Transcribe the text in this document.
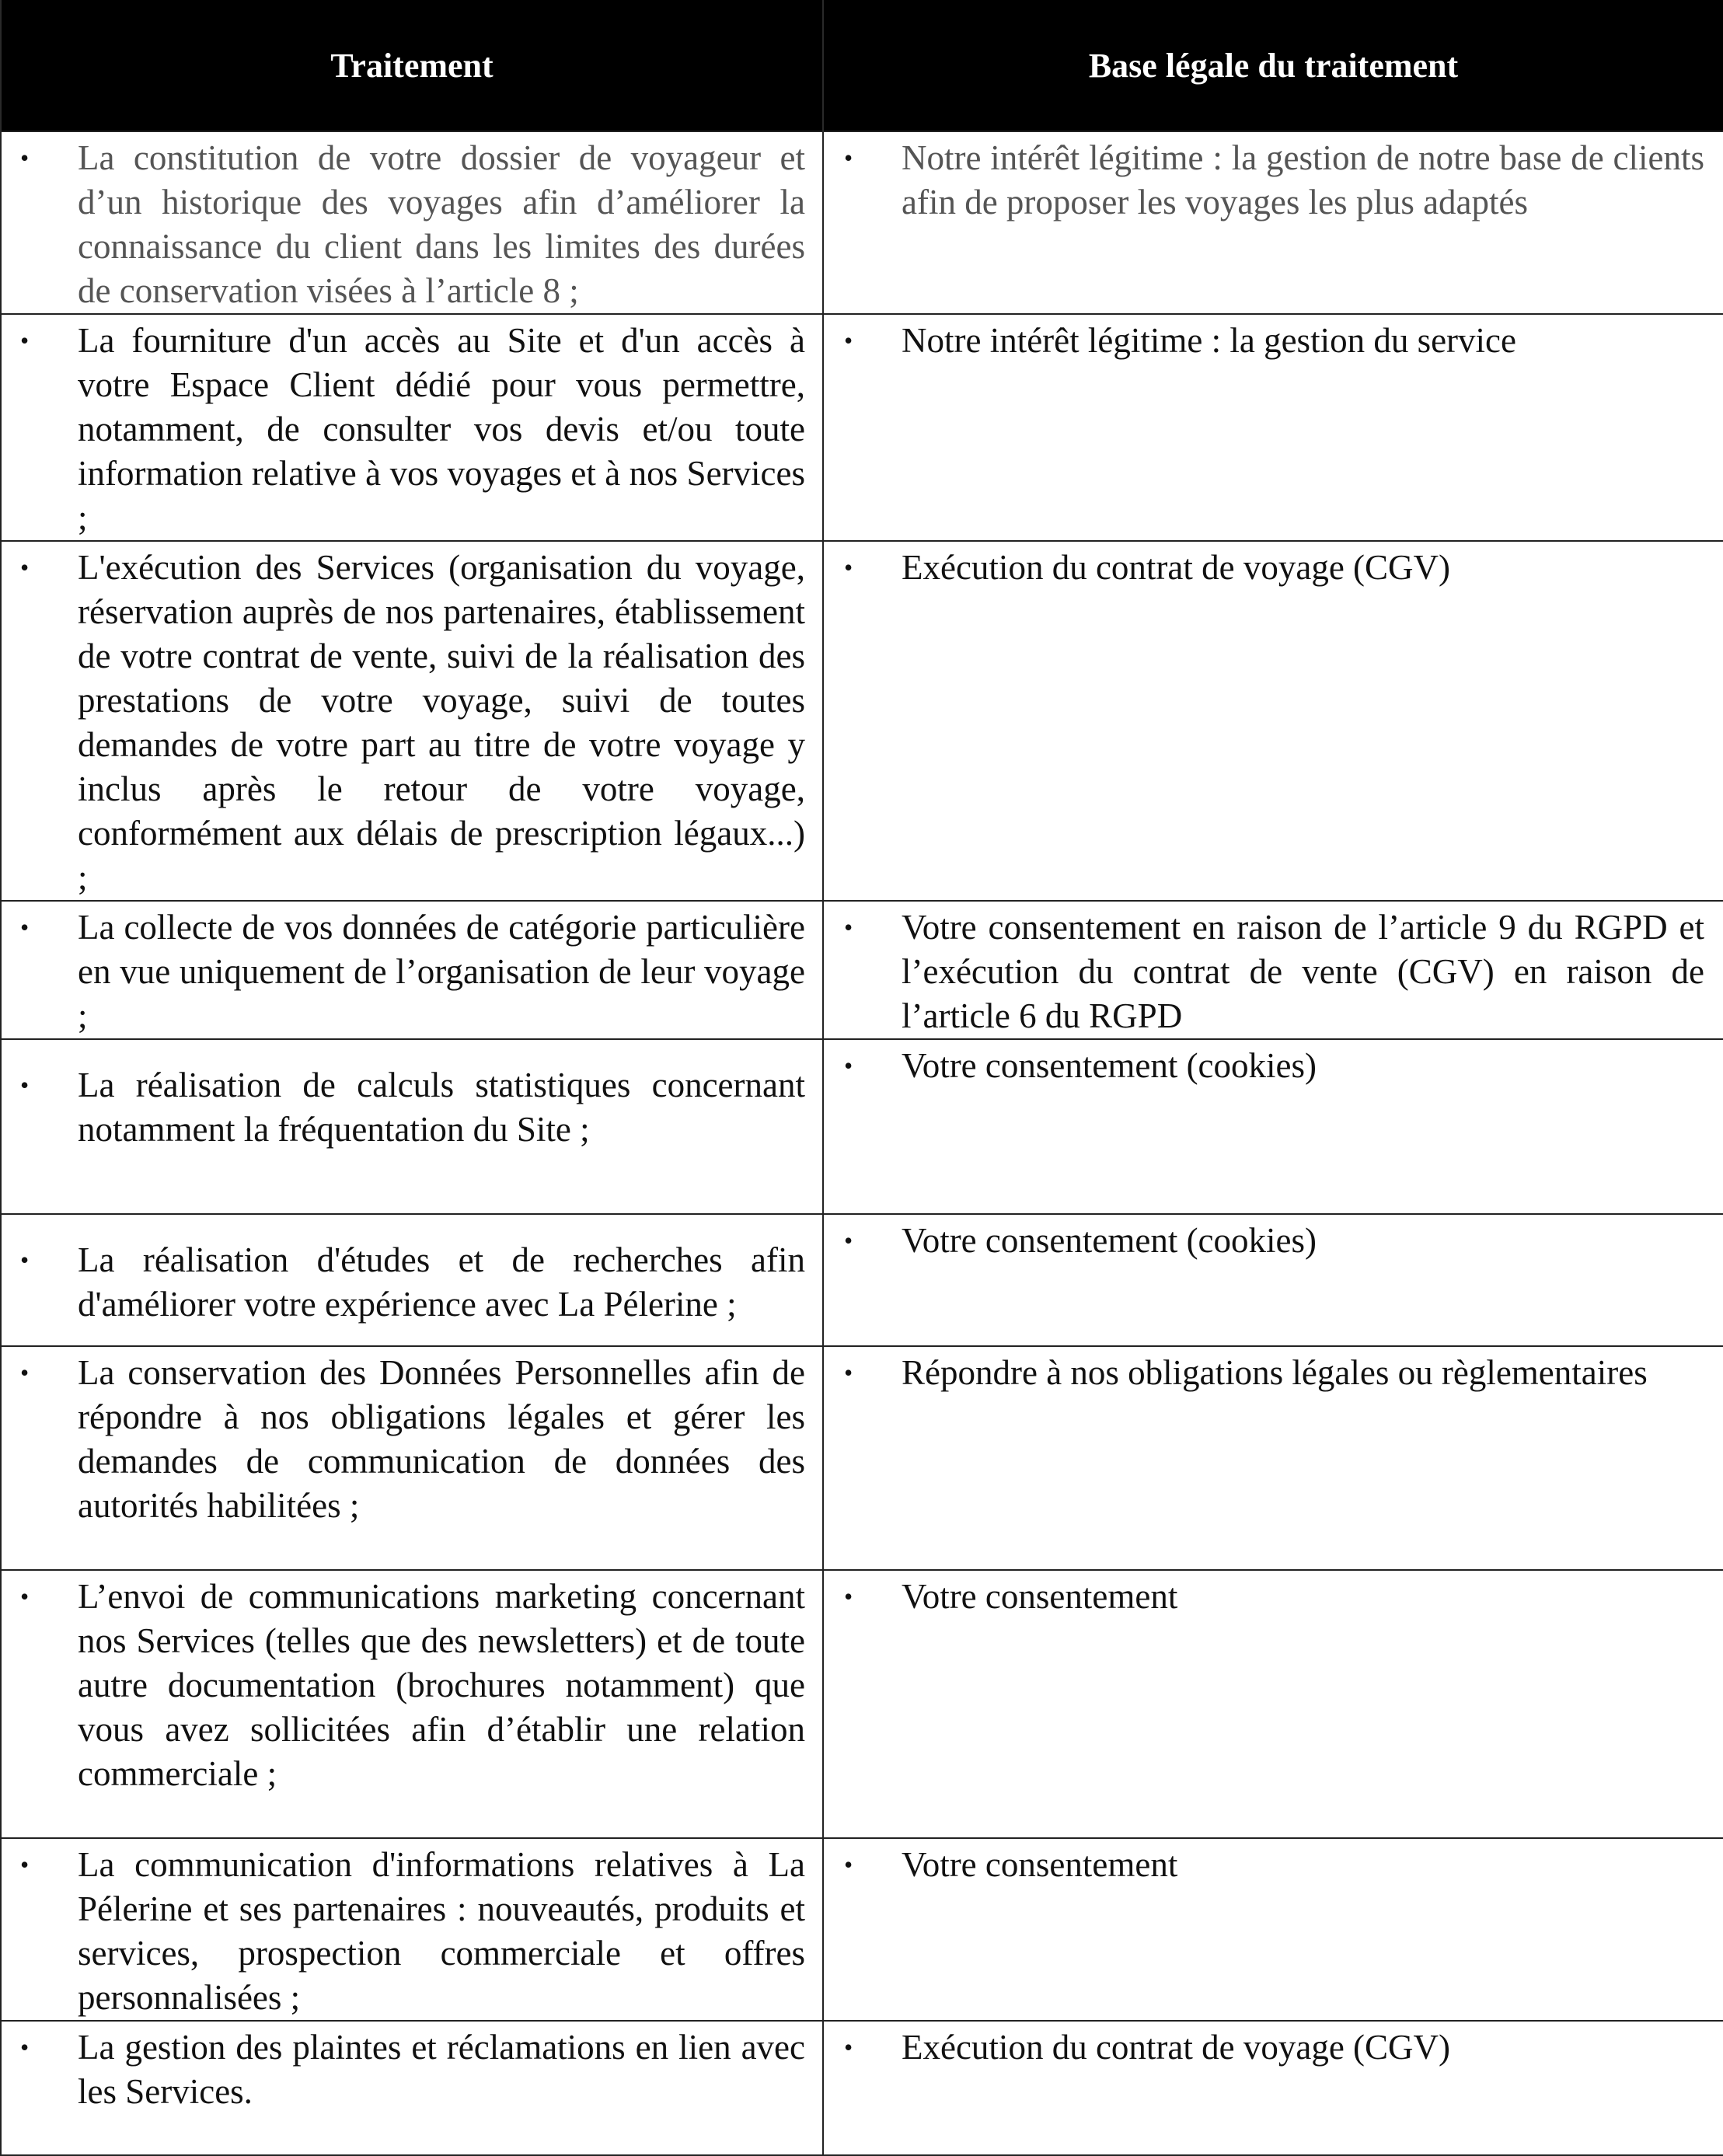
Traitement	Base légale du traitement

• La constitution de votre dossier de voyageur et d’un historique des voyages afin d’améliorer la connaissance du client dans les limites des durées de conservation visées à l’article 8 ;	• Notre intérêt légitime : la gestion de notre base de clients afin de proposer les voyages les plus adaptés

• La fourniture d'un accès au Site et d'un accès à votre Espace Client dédié pour vous permettre, notamment, de consulter vos devis et/ou toute information relative à vos voyages et à nos Services ;	• Notre intérêt légitime : la gestion du service

• L'exécution des Services (organisation du voyage, réservation auprès de nos partenaires, établissement de votre contrat de vente, suivi de la réalisation des prestations de votre voyage, suivi de toutes demandes de votre part au titre de votre voyage y inclus après le retour de votre voyage, conformément aux délais de prescription légaux...) ;	• Exécution du contrat de voyage (CGV)

• La collecte de vos données de catégorie particulière en vue uniquement de l’organisation de leur voyage ;	• Votre consentement en raison de l’article 9 du RGPD et l’exécution du contrat de vente (CGV) en raison de l’article 6 du RGPD

• La réalisation de calculs statistiques concernant notamment la fréquentation du Site ;	• Votre consentement (cookies)

• La réalisation d'études et de recherches afin d'améliorer votre expérience avec La Pélerine ;	• Votre consentement (cookies)

• La conservation des Données Personnelles afin de répondre à nos obligations légales et gérer les demandes de communication de données des autorités habilitées ;	• Répondre à nos obligations légales ou règlementaires

• L’envoi de communications marketing concernant nos Services (telles que des newsletters) et de toute autre documentation (brochures notamment) que vous avez sollicitées afin d’établir une relation commerciale ;	• Votre consentement

• La communication d'informations relatives à La Pélerine et ses partenaires : nouveautés, produits et services, prospection commerciale et offres personnalisées ;	• Votre consentement

• La gestion des plaintes et réclamations en lien avec les Services.	• Exécution du contrat de voyage (CGV)
